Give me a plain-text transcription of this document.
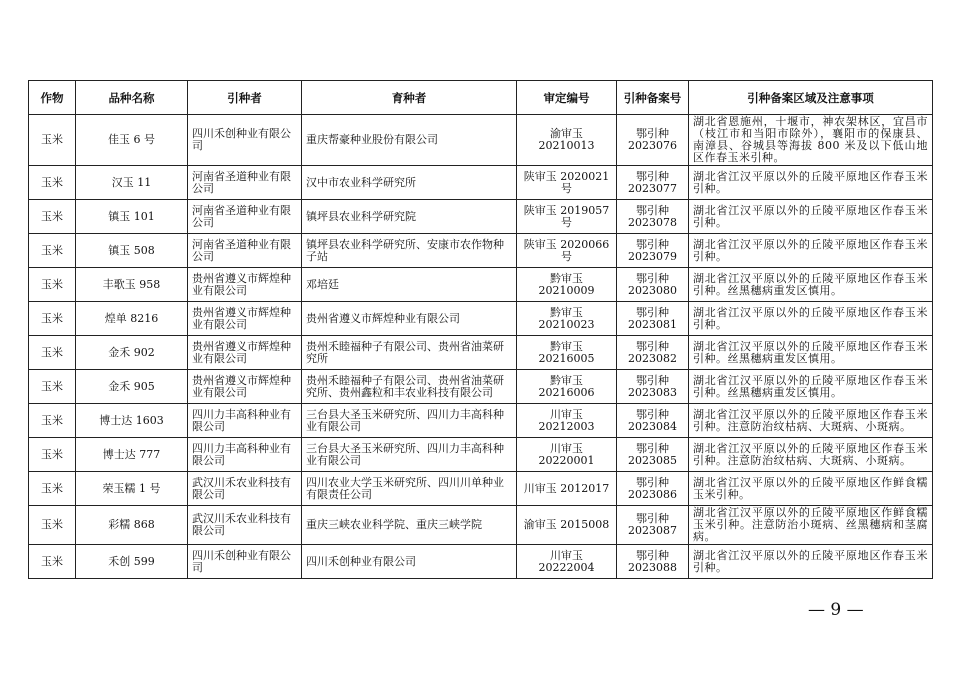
作物	品种名称	引种者	育种者	审定编号	引种备案号	引种备案区域及注意事项
玉米	佳玉 6 号	四川禾创种业有限公司	重庆帮豪种业股份有限公司	渝审玉 20210013	鄂引种 2023076	湖北省恩施州，十堰市，神农架林区，宜昌市（枝江市和当阳市除外），襄阳市的保康县、南漳县、谷城县等海拔 800 米及以下低山地区作春玉米引种。
玉米	汉玉 11	河南省圣道种业有限公司	汉中市农业科学研究所	陕审玉 2020021 号	鄂引种 2023077	湖北省江汉平原以外的丘陵平原地区作春玉米引种。
玉米	镇玉 101	河南省圣道种业有限公司	镇坪县农业科学研究院	陕审玉 2019057 号	鄂引种 2023078	湖北省江汉平原以外的丘陵平原地区作春玉米引种。
玉米	镇玉 508	河南省圣道种业有限公司	镇坪县农业科学研究所、安康市农作物种子站	陕审玉 2020066 号	鄂引种 2023079	湖北省江汉平原以外的丘陵平原地区作春玉米引种。
玉米	丰歌玉 958	贵州省遵义市辉煌种业有限公司	邓培廷	黔审玉 20210009	鄂引种 2023080	湖北省江汉平原以外的丘陵平原地区作春玉米引种。丝黑穗病重发区慎用。
玉米	煌单 8216	贵州省遵义市辉煌种业有限公司	贵州省遵义市辉煌种业有限公司	黔审玉 20210023	鄂引种 2023081	湖北省江汉平原以外的丘陵平原地区作春玉米引种。
玉米	金禾 902	贵州省遵义市辉煌种业有限公司	贵州禾睦福种子有限公司、贵州省油菜研究所	黔审玉 20216005	鄂引种 2023082	湖北省江汉平原以外的丘陵平原地区作春玉米引种。丝黑穗病重发区慎用。
玉米	金禾 905	贵州省遵义市辉煌种业有限公司	贵州禾睦福种子有限公司、贵州省油菜研究所、贵州鑫粒和丰农业科技有限公司	黔审玉 20216006	鄂引种 2023083	湖北省江汉平原以外的丘陵平原地区作春玉米引种。丝黑穗病重发区慎用。
玉米	博士达 1603	四川力丰高科种业有限公司	三台县大圣玉米研究所、四川力丰高科种业有限公司	川审玉 20212003	鄂引种 2023084	湖北省江汉平原以外的丘陵平原地区作春玉米引种。注意防治纹枯病、大斑病、小斑病。
玉米	博士达 777	四川力丰高科种业有限公司	三台县大圣玉米研究所、四川力丰高科种业有限公司	川审玉 20220001	鄂引种 2023085	湖北省江汉平原以外的丘陵平原地区作春玉米引种。注意防治纹枯病、大斑病、小斑病。
玉米	荣玉糯 1 号	武汉川禾农业科技有限公司	四川农业大学玉米研究所、四川川单种业有限责任公司	川审玉 2012017	鄂引种 2023086	湖北省江汉平原以外的丘陵平原地区作鲜食糯玉米引种。
玉米	彩糯 868	武汉川禾农业科技有限公司	重庆三峡农业科学院、重庆三峡学院	渝审玉 2015008	鄂引种 2023087	湖北省江汉平原以外的丘陵平原地区作鲜食糯玉米引种。注意防治小斑病、丝黑穗病和茎腐病。
玉米	禾创 599	四川禾创种业有限公司	四川禾创种业有限公司	川审玉 20222004	鄂引种 2023088	湖北省江汉平原以外的丘陵平原地区作春玉米引种。
— 9 —
